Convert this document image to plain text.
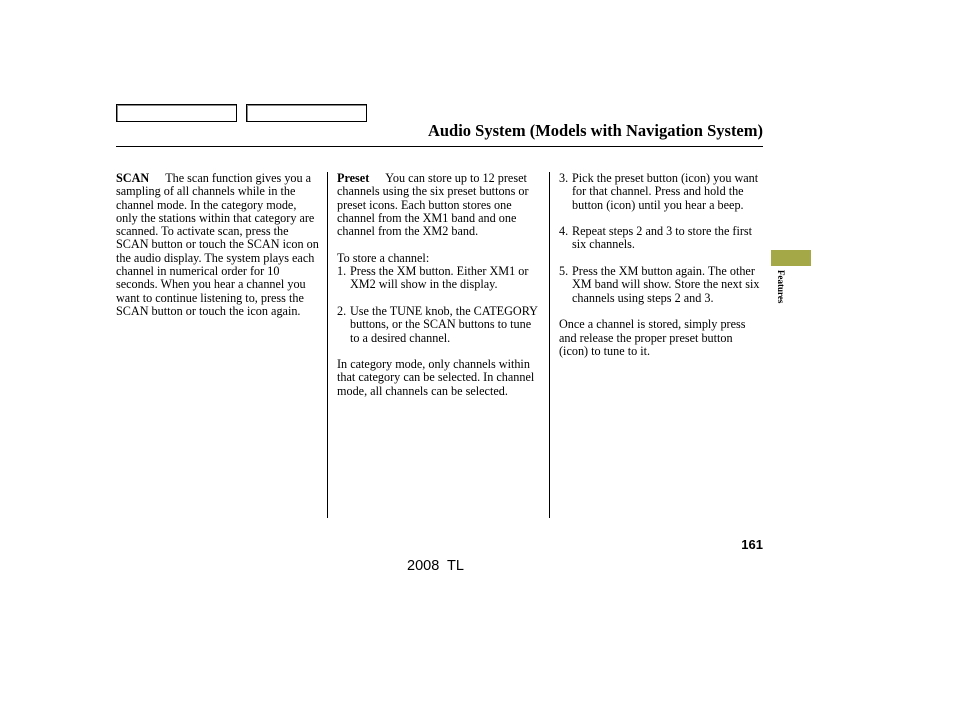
Audio System (Models with Navigation System)

SCAN The scan function gives you a sampling of all channels while in the channel mode. In the category mode, only the stations within that category are scanned. To activate scan, press the SCAN button or touch the SCAN icon on the audio display. The system plays each channel in numerical order for 10 seconds. When you hear a channel you want to continue listening to, press the SCAN button or touch the icon again.

Preset You can store up to 12 preset channels using the six preset buttons or preset icons. Each button stores one channel from the XM1 band and one channel from the XM2 band.

To store a channel:

1. Press the XM button. Either XM1 or XM2 will show in the display.
2. Use the TUNE knob, the CATEGORY buttons, or the SCAN buttons to tune to a desired channel.

In category mode, only channels within that category can be selected. In channel mode, all channels can be selected.

3. Pick the preset button (icon) you want for that channel. Press and hold the button (icon) until you hear a beep.
4. Repeat steps 2 and 3 to store the first six channels.
5. Press the XM button again. The other XM band will show. Store the next six channels using steps 2 and 3.

Once a channel is stored, simply press and release the proper preset button (icon) to tune to it.

Features
161
2008  TL
